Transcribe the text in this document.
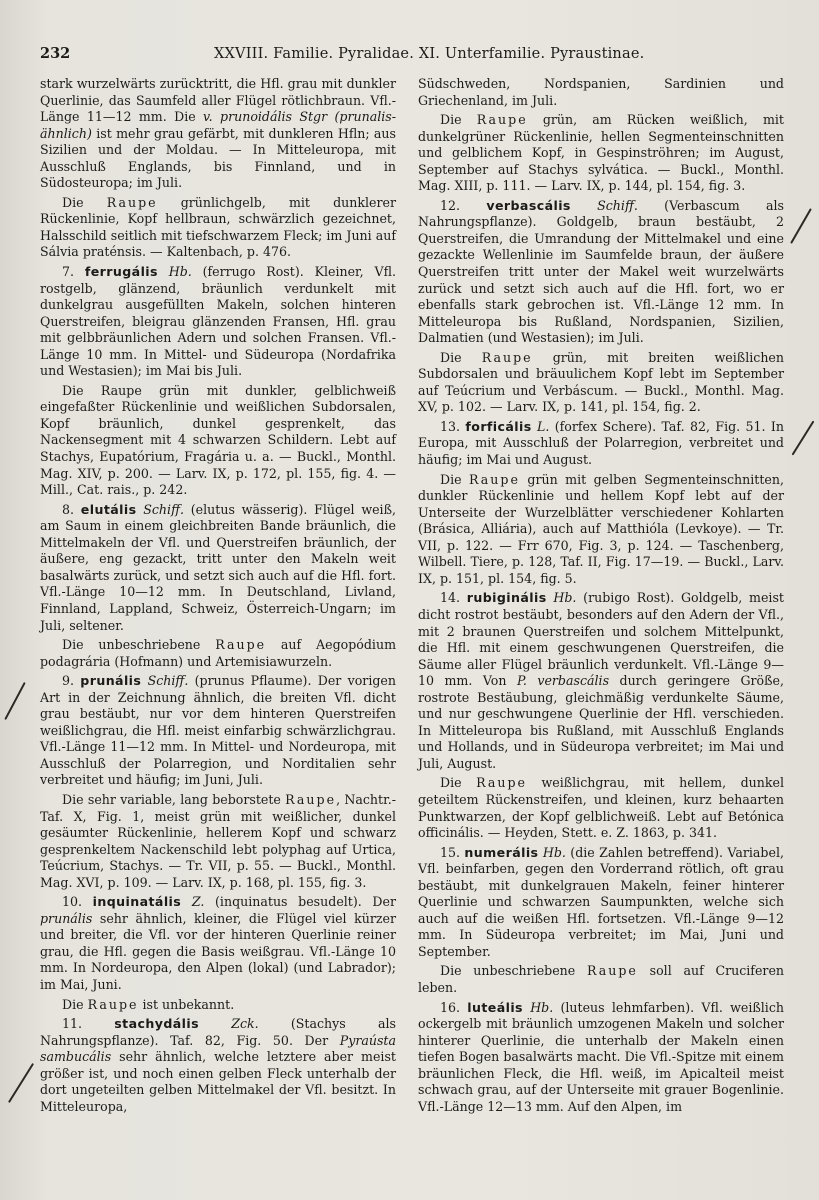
232	XXVIII. Familie. Pyralidae. XI. Unterfamilie. Pyraustinae.

stark wurzelwärts zurücktritt, die Hfl. grau mit dunkler Querlinie, das Saumfeld aller Flügel rötlichbraun. Vfl.-Länge 11—12 mm. Die v. prunoidális Stgr (prunalis-ähnlich) ist mehr grau gefärbt, mit dunkleren Hfln; aus Sizilien und der Moldau. — In Mitteleuropa, mit Ausschluß Englands, bis Finnland, und in Südosteuropa; im Juli.

Die Raupe grünlichgelb, mit dunklerer Rückenlinie, Kopf hellbraun, schwärzlich gezeichnet, Halsschild seitlich mit tiefschwarzem Fleck; im Juni auf Sálvia praténsis. — Kaltenbach, p. 476.

7. ferrugális Hb. (ferrugo Rost). Kleiner, Vfl. rostgelb, glänzend, bräunlich verdunkelt mit dunkelgrau ausgefüllten Makeln, solchen hinteren Querstreifen, bleigrau glänzenden Fransen, Hfl. grau mit gelbbräunlichen Adern und solchen Fransen. Vfl.-Länge 10 mm. In Mittel- und Südeuropa (Nordafrika und Westasien); im Mai bis Juli.

Die Raupe grün mit dunkler, gelblichweiß eingefaßter Rückenlinie und weißlichen Subdorsalen, Kopf bräunlich, dunkel gesprenkelt, das Nackensegment mit 4 schwarzen Schildern. Lebt auf Stachys, Eupatórium, Fragária u. a. — Buckl., Monthl. Mag. XIV, p. 200. — Larv. IX, p. 172, pl. 155, fig. 4. — Mill., Cat. rais., p. 242.

8. elutális Schiff. (elutus wässerig). Flügel weiß, am Saum in einem gleichbreiten Bande bräunlich, die Mittelmakeln der Vfl. und Querstreifen bräunlich, der äußere, eng gezackt, tritt unter den Makeln weit basalwärts zurück, und setzt sich auch auf die Hfl. fort. Vfl.-Länge 10—12 mm. In Deutschland, Livland, Finnland, Lappland, Schweiz, Österreich-Ungarn; im Juli, seltener.

Die unbeschriebene Raupe auf Aegopódium podagrária (Hofmann) und Artemisiawurzeln.

9. prunális Schiff. (prunus Pflaume). Der vorigen Art in der Zeichnung ähnlich, die breiten Vfl. dicht grau bestäubt, nur vor dem hinteren Querstreifen weißlichgrau, die Hfl. meist einfarbig schwärzlichgrau. Vfl.-Länge 11—12 mm. In Mittel- und Nordeuropa, mit Ausschluß der Polarregion, und Norditalien sehr verbreitet und häufig; im Juni, Juli.

Die sehr variable, lang beborstete Raupe, Nachtr.-Taf. X, Fig. 1, meist grün mit weißlicher, dunkel gesäumter Rückenlinie, hellerem Kopf und schwarz gesprenkeltem Nackenschild lebt polyphag auf Urtica, Teúcrium, Stachys. — Tr. VII, p. 55. — Buckl., Monthl. Mag. XVI, p. 109. — Larv. IX, p. 168, pl. 155, fig. 3.

10. inquinatális Z. (inquinatus besudelt). Der prunális sehr ähnlich, kleiner, die Flügel viel kürzer und breiter, die Vfl. vor der hinteren Querlinie reiner grau, die Hfl. gegen die Basis weißgrau. Vfl.-Länge 10 mm. In Nordeuropa, den Alpen (lokal) (und Labrador); im Mai, Juni.

Die Raupe ist unbekannt.

11. stachydális	Zck. (Stachys als Nahrungspflanze). Taf. 82, Fig. 50. Der Pyraústa sambucális sehr ähnlich, welche letztere aber meist größer ist, und noch einen gelben Fleck unterhalb der dort ungeteilten gelben Mittelmakel der Vfl. besitzt. In Mitteleuropa,

Südschweden, Nordspanien, Sardinien und Griechenland, im Juli.

Die Raupe grün, am Rücken weißlich, mit dunkelgrüner Rückenlinie, hellen Segmenteinschnitten und gelblichem Kopf, in Gespinströhren; im August, September auf Stachys sylvática. — Buckl., Monthl. Mag. XIII, p. 111. — Larv. IX, p. 144, pl. 154, fig. 3.

12. verbascális Schiff. (Verbascum als Nahrungspflanze). Goldgelb, braun bestäubt, 2 Querstreifen, die Umrandung der Mittelmakel und eine gezackte Wellenlinie im Saumfelde braun, der äußere Querstreifen tritt unter der Makel weit wurzelwärts zurück und setzt sich auch auf die Hfl. fort, wo er ebenfalls stark gebrochen ist. Vfl.-Länge 12 mm. In Mitteleuropa bis Rußland, Nordspanien, Sizilien, Dalmatien (und Westasien); im Juli.

Die Raupe grün, mit breiten weißlichen Subdorsalen und bräuulichem Kopf lebt im September auf Teúcrium und Verbáscum. — Buckl., Monthl. Mag. XV, p. 102. — Larv. IX, p. 141, pl. 154, fig. 2.

13. forficális L. (forfex Schere). Taf. 82, Fig. 51. In Europa, mit Ausschluß der Polarregion, verbreitet und häufig; im Mai und August.

Die Raupe grün mit gelben Segmenteinschnitten, dunkler Rückenlinie und hellem Kopf lebt auf der Unterseite der Wurzelblätter verschiedener Kohlarten (Brásica, Alliária), auch auf Matthióla (Levkoye). — Tr. VII, p. 122. — Frr 670, Fig. 3, p. 124. — Taschenberg, Wilbell. Tiere, p. 128, Taf. II, Fig. 17—19. — Buckl., Larv. IX, p. 151, pl. 154, fig. 5.

14. rubiginális Hb. (rubigo Rost). Goldgelb, meist dicht rostrot bestäubt, besonders auf den Adern der Vfl., mit 2 braunen Querstreifen und solchem Mittelpunkt, die Hfl. mit einem geschwungenen Querstreifen, die Säume aller Flügel bräunlich verdunkelt. Vfl.-Länge 9—10 mm. Von P. verbascális durch geringere Größe, rostrote Bestäubung, gleichmäßig verdunkelte Säume, und nur geschwungene Querlinie der Hfl. verschieden. In Mitteleuropa bis Rußland, mit Ausschluß Englands und Hollands, und in Südeuropa verbreitet; im Mai und Juli, August.

Die Raupe weißlichgrau, mit hellem, dunkel geteiltem Rückenstreifen, und kleinen, kurz behaarten Punktwarzen, der Kopf gelblichweiß. Lebt auf Betónica officinális. — Heyden, Stett. e. Z. 1863, p. 341.

15. numerális Hb. (die Zahlen betreffend). Variabel, Vfl. beinfarben, gegen den Vorderrand rötlich, oft grau bestäubt, mit dunkelgrauen Makeln, feiner hinterer Querlinie und schwarzen Saumpunkten, welche sich auch auf die weißen Hfl. fortsetzen. Vfl.-Länge 9—12 mm. In Südeuropa verbreitet; im Mai, Juni und September.

Die unbeschriebene Raupe soll auf Cruciferen leben.

16. luteális Hb. (luteus lehmfarben). Vfl. weißlich ockergelb mit bräunlich umzogenen Makeln und solcher hinterer Querlinie, die unterhalb der Makeln einen tiefen Bogen basalwärts macht. Die Vfl.-Spitze mit einem bräunlichen Fleck, die Hfl. weiß, im Apicalteil meist schwach grau, auf der Unterseite mit grauer Bogenlinie. Vfl.-Länge 12—13 mm. Auf den Alpen, im
